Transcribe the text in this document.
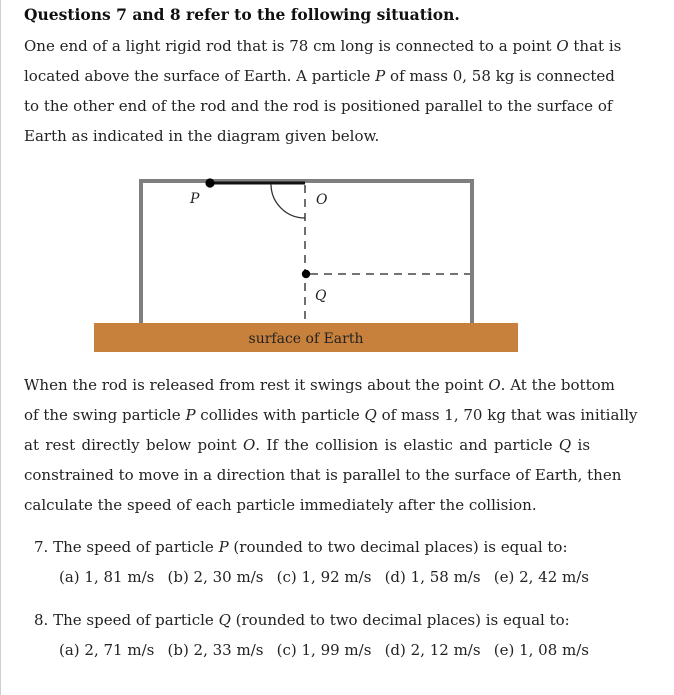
Questions 7 and 8 refer to the following situation.
One end of a light rigid rod that is 78 cm long is connected to a point O that is
located above the surface of Earth. A particle P of mass 0, 58 kg is connected
to the other end of the rod and the rod is positioned parallel to the surface of
Earth as indicated in the diagram given below.
P	O
Q
surface of Earth
When the rod is released from rest it swings about the point O. At the bottom
of the swing particle P collides with particle Q of mass 1, 70 kg that was initially
at rest directly below point O. If the collision is elastic and particle Q is
constrained to move in a direction that is parallel to the surface of Earth, then
calculate the speed of each particle immediately after the collision.
7. The speed of particle P (rounded to two decimal places) is equal to:
(a) 1, 81 m/s (b) 2, 30 m/s (c) 1, 92 m/s (d) 1, 58 m/s (e) 2, 42 m/s
8. The speed of particle Q (rounded to two decimal places) is equal to:
(a) 2, 71 m/s (b) 2, 33 m/s (c) 1, 99 m/s (d) 2, 12 m/s (e) 1, 08 m/s
